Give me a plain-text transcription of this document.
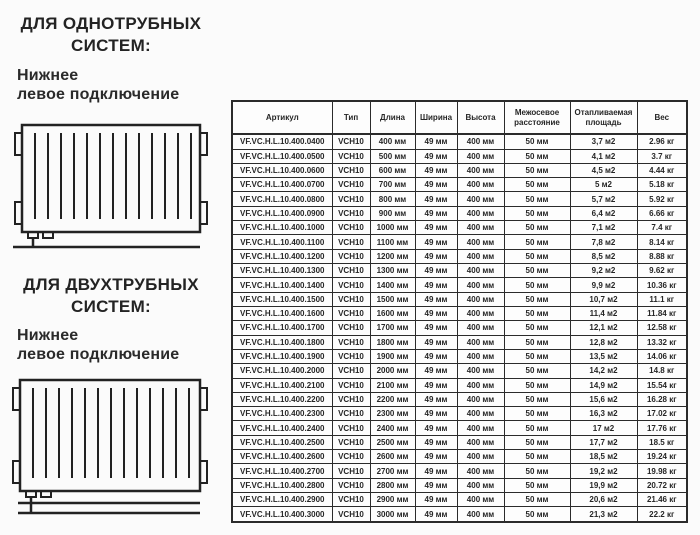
ДЛЯ ОДНОТРУБНЫХ
СИСТЕМ:
Нижнее
левое подключение
ДЛЯ ДВУХТРУБНЫХ
СИСТЕМ:
Нижнее
левое подключение
Артикул	Тип	Длина	Ширина	Высота	Межосевое расстояние	Отапливаемая площадь	Вес
VF.VC.H.L.10.400.0400	VCH10	400 мм	49 мм	400 мм	50 мм	3,7 м2	2.96 кг
VF.VC.H.L.10.400.0500	VCH10	500 мм	49 мм	400 мм	50 мм	4,1 м2	3.7 кг
VF.VC.H.L.10.400.0600	VCH10	600 мм	49 мм	400 мм	50 мм	4,5 м2	4.44 кг
VF.VC.H.L.10.400.0700	VCH10	700 мм	49 мм	400 мм	50 мм	5 м2	5.18 кг
VF.VC.H.L.10.400.0800	VCH10	800 мм	49 мм	400 мм	50 мм	5,7 м2	5.92 кг
VF.VC.H.L.10.400.0900	VCH10	900 мм	49 мм	400 мм	50 мм	6,4 м2	6.66 кг
VF.VC.H.L.10.400.1000	VCH10	1000 мм	49 мм	400 мм	50 мм	7,1 м2	7.4 кг
VF.VC.H.L.10.400.1100	VCH10	1100 мм	49 мм	400 мм	50 мм	7,8 м2	8.14 кг
VF.VC.H.L.10.400.1200	VCH10	1200 мм	49 мм	400 мм	50 мм	8,5 м2	8.88 кг
VF.VC.H.L.10.400.1300	VCH10	1300 мм	49 мм	400 мм	50 мм	9,2 м2	9.62 кг
VF.VC.H.L.10.400.1400	VCH10	1400 мм	49 мм	400 мм	50 мм	9,9 м2	10.36 кг
VF.VC.H.L.10.400.1500	VCH10	1500 мм	49 мм	400 мм	50 мм	10,7 м2	11.1 кг
VF.VC.H.L.10.400.1600	VCH10	1600 мм	49 мм	400 мм	50 мм	11,4 м2	11.84 кг
VF.VC.H.L.10.400.1700	VCH10	1700 мм	49 мм	400 мм	50 мм	12,1 м2	12.58 кг
VF.VC.H.L.10.400.1800	VCH10	1800 мм	49 мм	400 мм	50 мм	12,8 м2	13.32 кг
VF.VC.H.L.10.400.1900	VCH10	1900 мм	49 мм	400 мм	50 мм	13,5 м2	14.06 кг
VF.VC.H.L.10.400.2000	VCH10	2000 мм	49 мм	400 мм	50 мм	14,2 м2	14.8 кг
VF.VC.H.L.10.400.2100	VCH10	2100 мм	49 мм	400 мм	50 мм	14,9 м2	15.54 кг
VF.VC.H.L.10.400.2200	VCH10	2200 мм	49 мм	400 мм	50 мм	15,6 м2	16.28 кг
VF.VC.H.L.10.400.2300	VCH10	2300 мм	49 мм	400 мм	50 мм	16,3 м2	17.02 кг
VF.VC.H.L.10.400.2400	VCH10	2400 мм	49 мм	400 мм	50 мм	17 м2	17.76 кг
VF.VC.H.L.10.400.2500	VCH10	2500 мм	49 мм	400 мм	50 мм	17,7 м2	18.5 кг
VF.VC.H.L.10.400.2600	VCH10	2600 мм	49 мм	400 мм	50 мм	18,5 м2	19.24 кг
VF.VC.H.L.10.400.2700	VCH10	2700 мм	49 мм	400 мм	50 мм	19,2 м2	19.98 кг
VF.VC.H.L.10.400.2800	VCH10	2800 мм	49 мм	400 мм	50 мм	19,9 м2	20.72 кг
VF.VC.H.L.10.400.2900	VCH10	2900 мм	49 мм	400 мм	50 мм	20,6 м2	21.46 кг
VF.VC.H.L.10.400.3000	VCH10	3000 мм	49 мм	400 мм	50 мм	21,3 м2	22.2 кг
